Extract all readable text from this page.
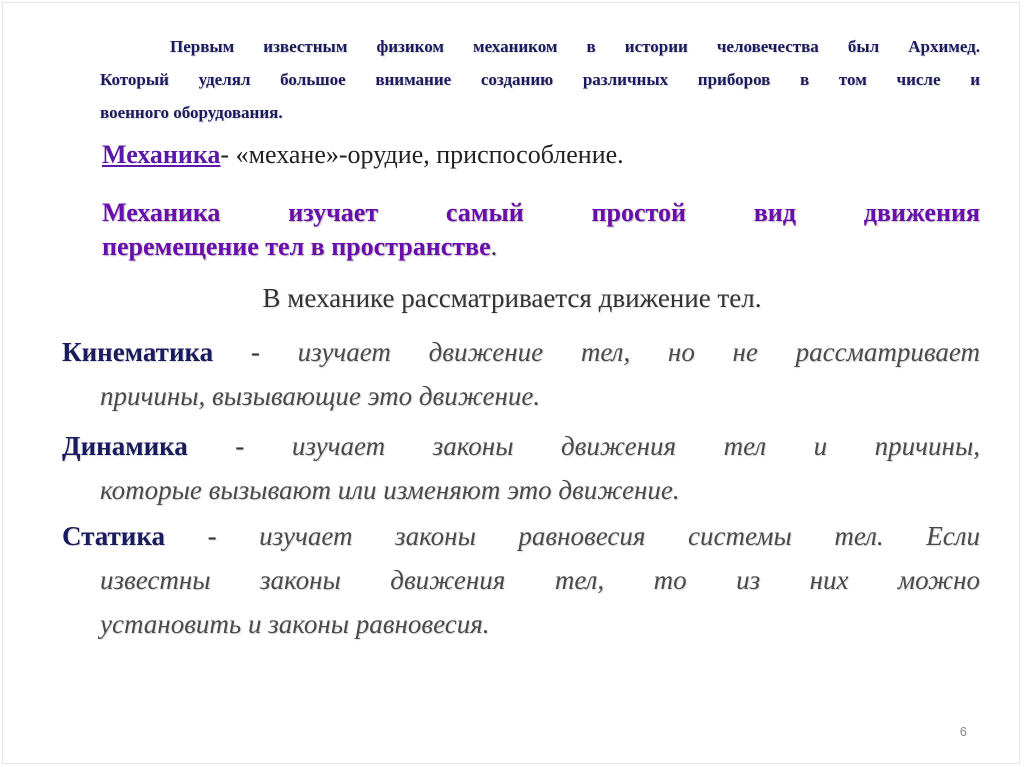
Первым известным физиком механиком в истории человечества был Архимед.
Который уделял большое внимание созданию различных приборов в том числе и
военного оборудования.
Механика- «механе»-орудие, приспособление.
Механика изучает самый простой вид движения
перемещение тел в пространстве.
В механике рассматривается движение тел.
Кинематика - изучает движение тел, но не рассматривает
причины, вызывающие это движение.
Динамика - изучает законы движения тел и причины,
которые вызывают или изменяют это движение.
Статика - изучает законы равновесия системы тел. Если
известны законы движения тел, то из них можно
установить и законы равновесия.
6
